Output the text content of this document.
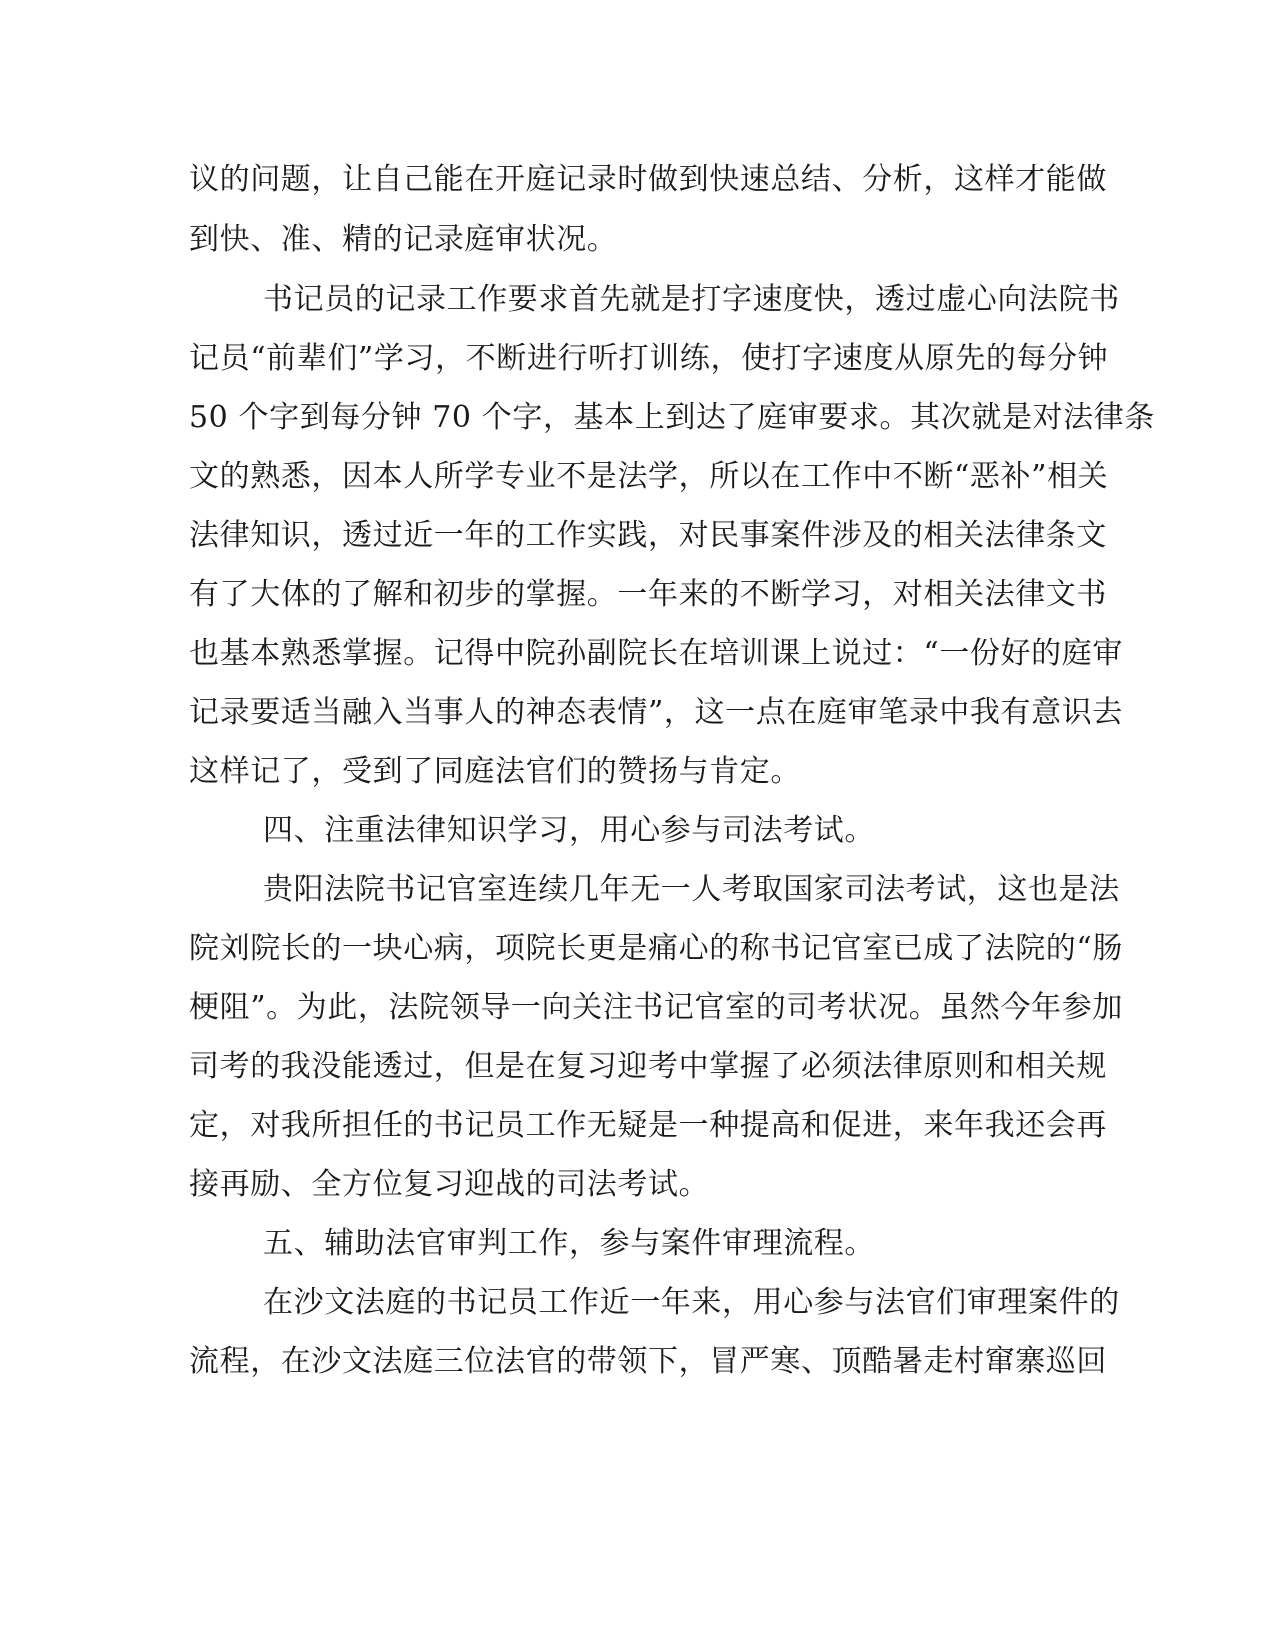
议的问题，让自己能在开庭记录时做到快速总结、分析，这样才能做
到快、准、精的记录庭审状况。
书记员的记录工作要求首先就是打字速度快，透过虚心向法院书
记员“前辈们”学习，不断进行听打训练，使打字速度从原先的每分钟
50 个字到每分钟 70 个字，基本上到达了庭审要求。其次就是对法律条
文的熟悉，因本人所学专业不是法学，所以在工作中不断“恶补”相关
法律知识，透过近一年的工作实践，对民事案件涉及的相关法律条文
有了大体的了解和初步的掌握。一年来的不断学习，对相关法律文书
也基本熟悉掌握。记得中院孙副院长在培训课上说过：“一份好的庭审
记录要适当融入当事人的神态表情”，这一点在庭审笔录中我有意识去
这样记了，受到了同庭法官们的赞扬与肯定。
四、注重法律知识学习，用心参与司法考试。
贵阳法院书记官室连续几年无一人考取国家司法考试，这也是法
院刘院长的一块心病，项院长更是痛心的称书记官室已成了法院的“肠
梗阻”。为此，法院领导一向关注书记官室的司考状况。虽然今年参加
司考的我没能透过，但是在复习迎考中掌握了必须法律原则和相关规
定，对我所担任的书记员工作无疑是一种提高和促进，来年我还会再
接再励、全方位复习迎战的司法考试。
五、辅助法官审判工作，参与案件审理流程。
在沙文法庭的书记员工作近一年来，用心参与法官们审理案件的
流程，在沙文法庭三位法官的带领下，冒严寒、顶酷暑走村窜寨巡回
